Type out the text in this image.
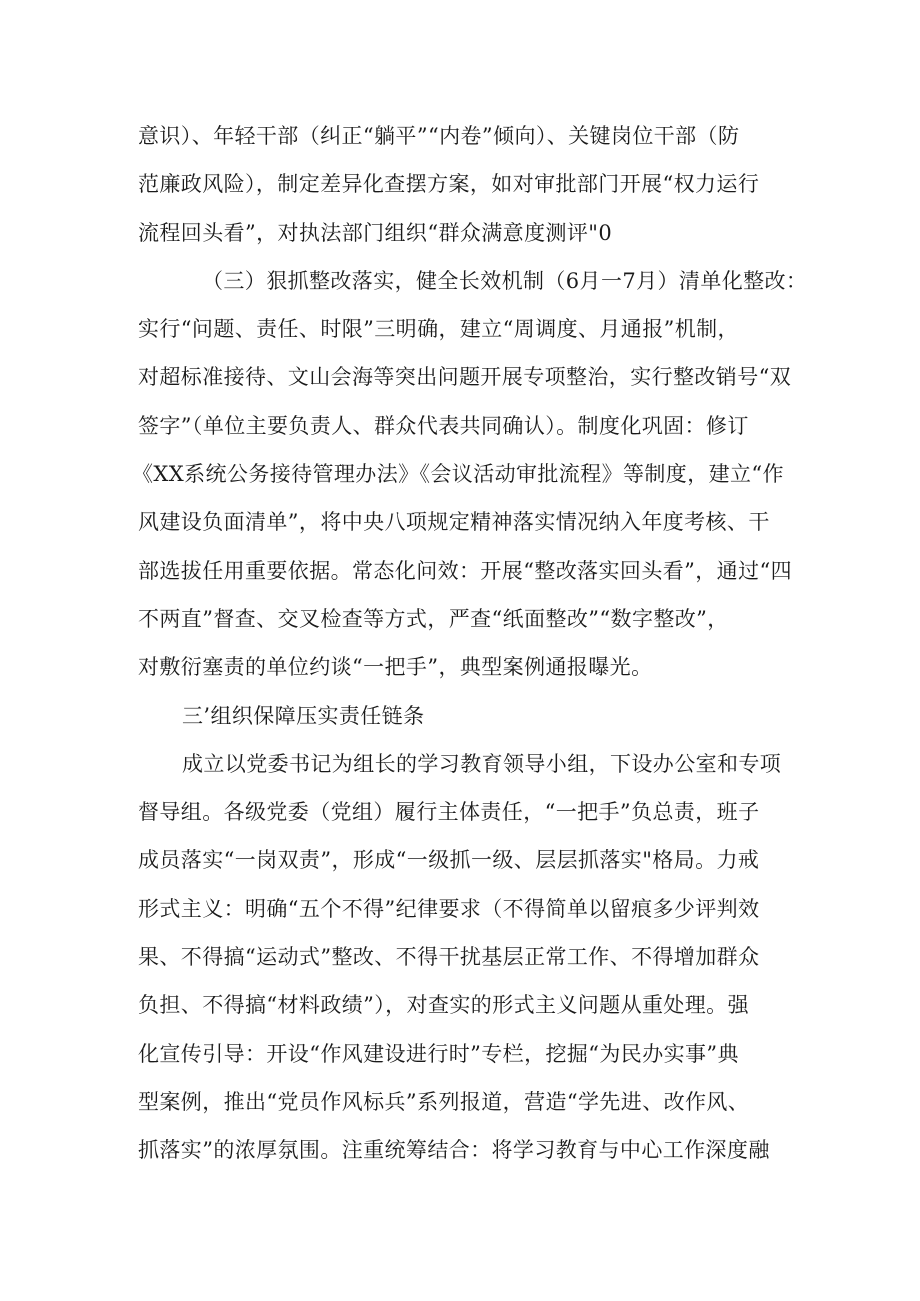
意识）、年轻干部（纠正“躺平”“内卷”倾向）、关键岗位干部（防
范廉政风险），制定差异化查摆方案，如对审批部门开展“权力运行
流程回头看”，对执法部门组织“群众满意度测评"0
（三）狠抓整改落实，健全长效机制（6月一7月）清单化整改：
实行“问题、责任、时限”三明确，建立“周调度、月通报”机制，
对超标准接待、文山会海等突出问题开展专项整治，实行整改销号“双
签字”（单位主要负责人、群众代表共同确认）。制度化巩固：修订
《XX系统公务接待管理办法》《会议活动审批流程》等制度，建立“作
风建设负面清单”，将中央八项规定精神落实情况纳入年度考核、干
部选拔任用重要依据。常态化问效：开展“整改落实回头看”，通过“四
不两直”督查、交叉检查等方式，严查“纸面整改”“数字整改”，
对敷衍塞责的单位约谈“一把手”，典型案例通报曝光。
三’组织保障压实责任链条
成立以党委书记为组长的学习教育领导小组，下设办公室和专项
督导组。各级党委（党组）履行主体责任，“一把手”负总责，班子
成员落实“一岗双责”，形成“一级抓一级、层层抓落实"格局。力戒
形式主义：明确“五个不得”纪律要求（不得简单以留痕多少评判效
果、不得搞“运动式”整改、不得干扰基层正常工作、不得增加群众
负担、不得搞“材料政绩”），对查实的形式主义问题从重处理。强
化宣传引导：开设“作风建设进行时”专栏，挖掘“为民办实事”典
型案例，推出“党员作风标兵”系列报道，营造“学先进、改作风、
抓落实”的浓厚氛围。注重统筹结合：将学习教育与中心工作深度融
